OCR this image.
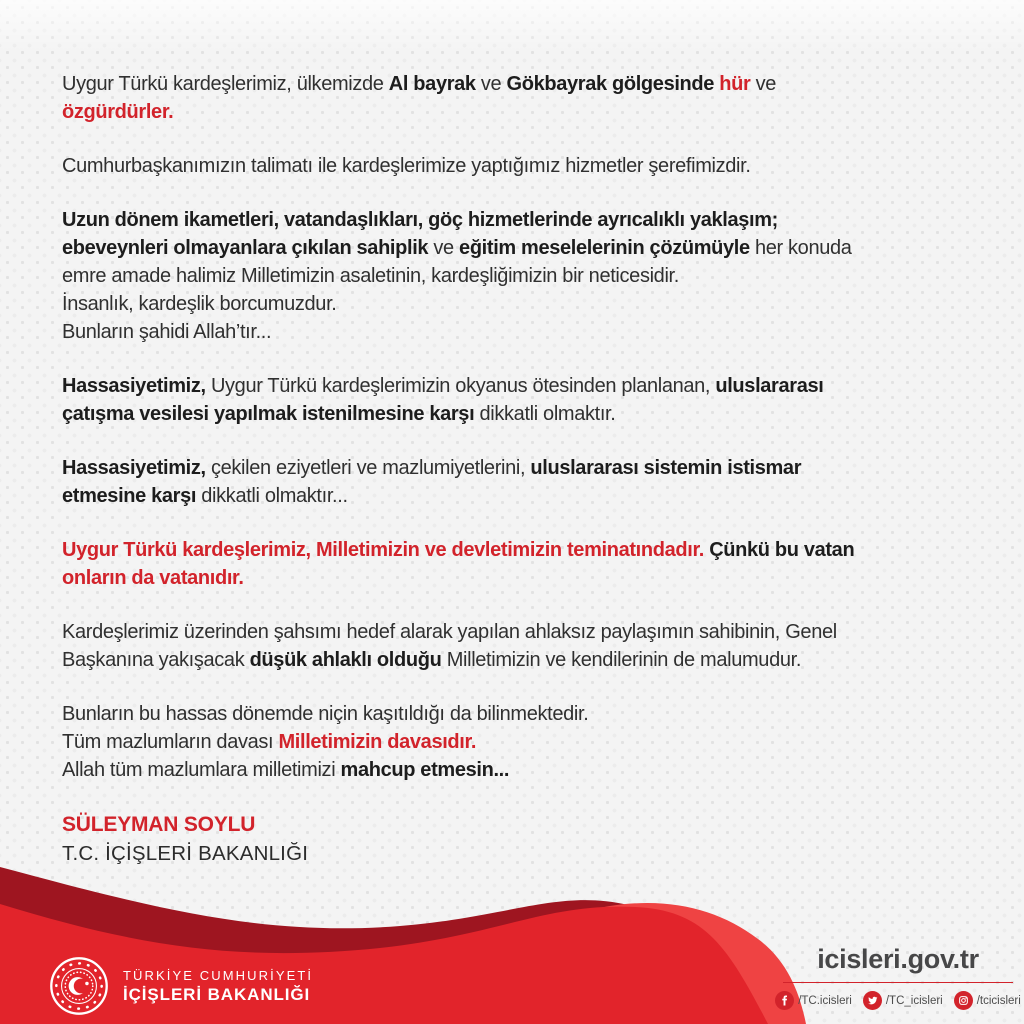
Uygur Türkü kardeşlerimiz, ülkemizde Al bayrak ve Gökbayrak gölgesinde hür ve
özgürdürler.
Cumhurbaşkanımızın talimatı ile kardeşlerimize yaptığımız hizmetler şerefimizdir.
Uzun dönem ikametleri, vatandaşlıkları, göç hizmetlerinde ayrıcalıklı yaklaşım;
ebeveynleri olmayanlara çıkılan sahiplik ve eğitim meselelerinin çözümüyle her konuda
emre amade halimiz Milletimizin asaletinin, kardeşliğimizin bir neticesidir.
İnsanlık, kardeşlik borcumuzdur.
Bunların şahidi Allah’tır...
Hassasiyetimiz, Uygur Türkü kardeşlerimizin okyanus ötesinden planlanan, uluslararası
çatışma vesilesi yapılmak istenilmesine karşı dikkatli olmaktır.
Hassasiyetimiz, çekilen eziyetleri ve mazlumiyetlerini, uluslararası sistemin istismar
etmesine karşı dikkatli olmaktır...
Uygur Türkü kardeşlerimiz, Milletimizin ve devletimizin teminatındadır. Çünkü bu vatan
onların da vatanıdır.
Kardeşlerimiz üzerinden şahsımı hedef alarak yapılan ahlaksız paylaşımın sahibinin, Genel
Başkanına yakışacak düşük ahlaklı olduğu Milletimizin ve kendilerinin de malumudur.
Bunların bu hassas dönemde niçin kaşıtıldığı da bilinmektedir.
Tüm mazlumların davası Milletimizin davasıdır.
Allah tüm mazlumlara milletimizi mahcup etmesin...
SÜLEYMAN SOYLU
T.C. İÇİŞLERİ BAKANLIĞI
TÜRKİYE CUMHURİYETİ
İÇİŞLERİ BAKANLIĞI
icisleri.gov.tr
/TC.icisleri	/TC_icisleri	/tcicisleri
